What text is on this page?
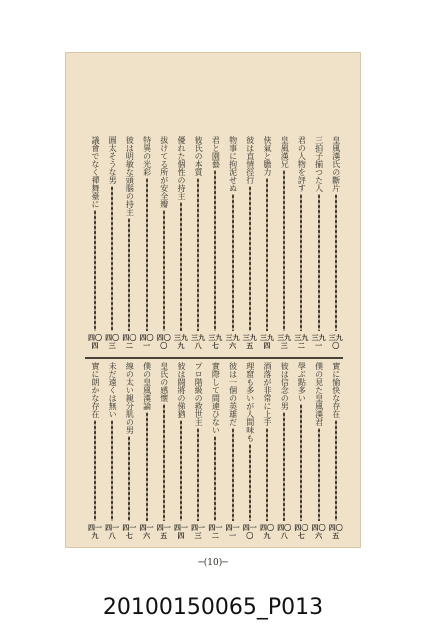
皇風漢氏の斷片
三九〇
三拍子揃つた人
三九一
君の人物を評す
三九二
皇風漢兄
三九三
俠氣と膽力
三九四
彼は直情徑行
三九五
物事に拘泥せぬ
三九六
君と園藝
三九七
彼氏の本質
三九八
優れた個性の持主
三九九
拔けてる所が安全瓣
四〇〇
特異の光彩
四〇一
彼は明敏な頭腦の持主
四〇二
圓太そうな男
四〇三
議會でなく禪舞臺に
四〇四
實に愉快な存在
四〇五
僕の見た皇風漢君
四〇六
學ぶ點多い
四〇七
彼は信念の男
四〇八
酒落が非常に上手
四〇九
理窟も多いが人間味も
四一〇
彼は一個の英雄だ
四一一
實際して間違ひない
四一二
プロ階級の救世主
四一三
彼は闘將の俤猶
四一四
皇氏の感懷
四一五
僕の皇風漢論
四一六
線の太い親分肌の男
四一七
未だ遠くは無い
四一八
實に朗かな存在
四一九
─(10)─
20100150065_P013
